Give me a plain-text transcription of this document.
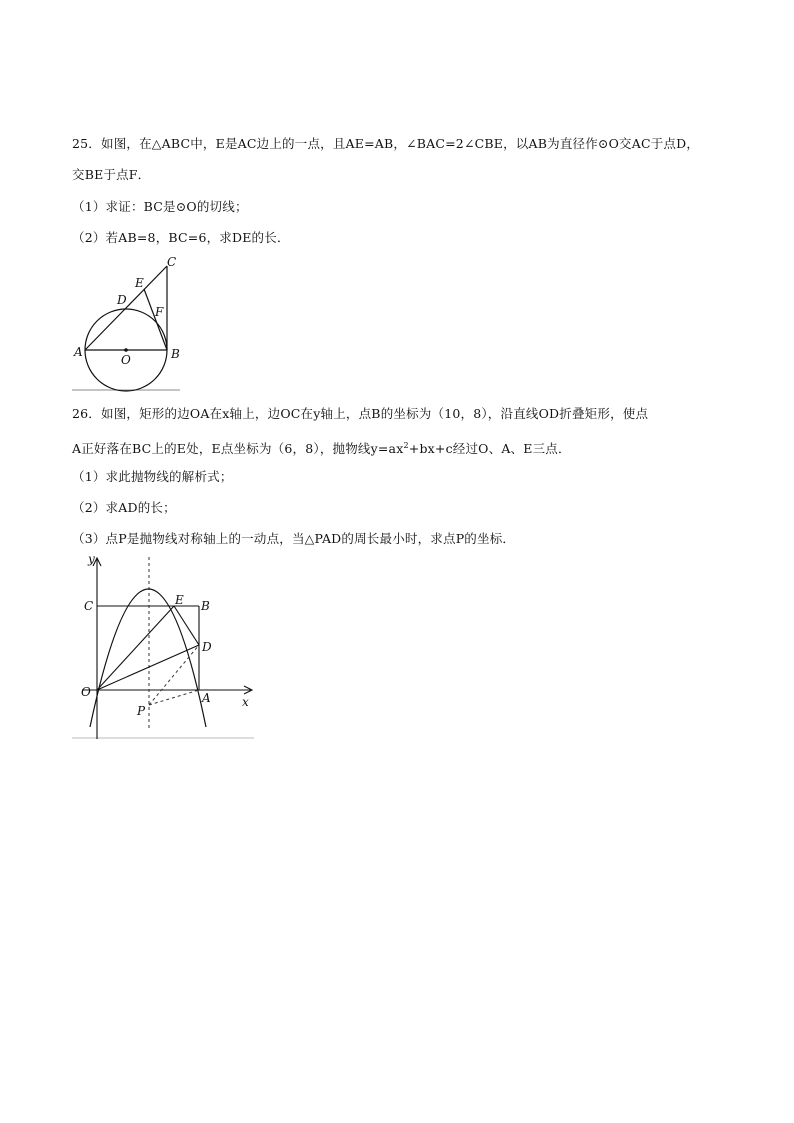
25．如图，在△ABC中，E是AC边上的一点，且AE=AB，∠BAC=2∠CBE，以AB为直径作⊙O交AC于点D，
交BE于点F．
（1）求证：BC是⊙O的切线；
（2）若AB=8，BC=6，求DE的长．
A	B
C
D
E
F
O
26．如图，矩形的边OA在x轴上，边OC在y轴上，点B的坐标为（10，8），沿直线OD折叠矩形，使点
A正好落在BC上的E处，E点坐标为（6，8），抛物线$y=ax^2+bx+c$经过O、A、E三点．
（1）求此抛物线的解析式；
（2）求AD的长；
（3）点P是抛物线对称轴上的一动点，当△PAD的周长最小时，求点P的坐标．
y
x
C	E B
D
O	A
P
